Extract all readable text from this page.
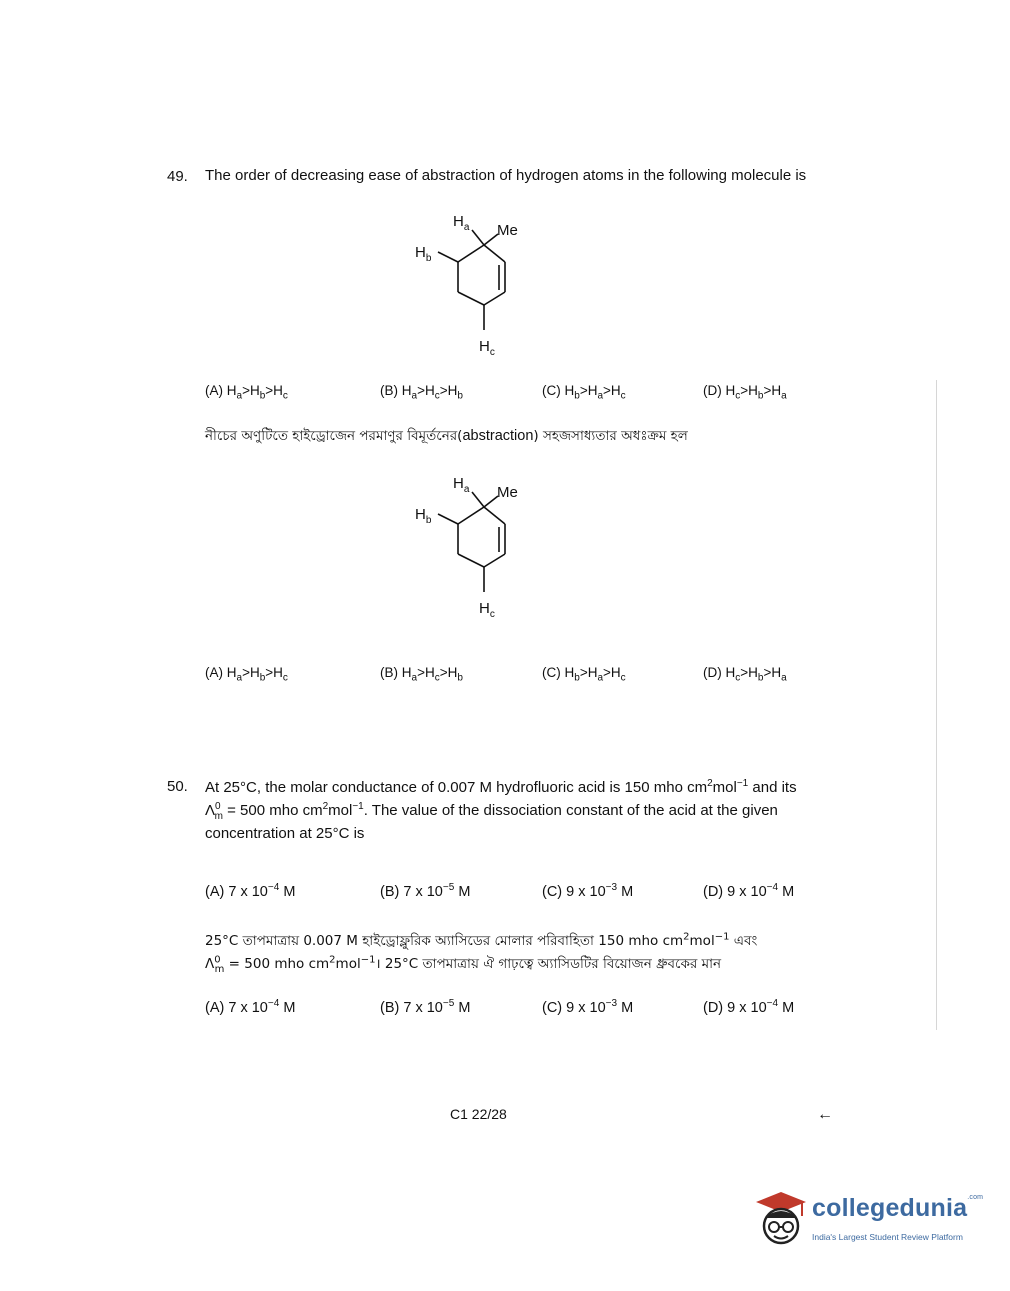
49. The order of decreasing ease of abstraction of hydrogen atoms in the following molecule is
$H_a$ Me
$H_b$
$H_c$
(A) $H_a>H_b>H_c$	(B) $H_a>H_c>H_b$	(C) $H_b>H_a>H_c$	(D) $H_c>H_b>H_a$
নীচের অণুটিতে হাইড্রোজেন পরমাণুর বিমূর্তনের(abstraction) সহজসাধ্যতার অধঃক্রম হল
$H_a$ Me
$H_b$
$H_c$
(A) $H_a>H_b>H_c$	(B) $H_a>H_c>H_b$	(C) $H_b>H_a>H_c$	(D) $H_c>H_b>H_a$
50. At 25°C, the molar conductance of 0.007 M hydrofluoric acid is 150 mho $cm^2mol^{-1}$ and its
$\Lambda^0_m = 500$ mho $cm^2mol^{-1}$. The value of the dissociation constant of the acid at the given
concentration at 25°C is
(A) 7 x $10^{-4}$ M	(B) 7 x $10^{-5}$ M	(C) 9 x $10^{-3}$ M	(D) 9 x $10^{-4}$ M
25°C তাপমাত্রায় 0.007 M হাইড্রোফ্লুরিক অ্যাসিডের মোলার পরিবাহিতা 150 mho $cm^2mol^{-1}$ এবং
$\Lambda^0_m = 500$ mho $cm^2mol^{-1}।$ 25°C তাপমাত্রায় ঐ গাঢ়ত্বে অ্যাসিডটির বিয়োজন ধ্রুবকের মান
(A) 7 x $10^{-4}$ M	(B) 7 x $10^{-5}$ M	(C) 9 x $10^{-3}$ M	(D) 9 x $10^{-4}$ M
C1 22/28	←
collegedunia$^{.com}$
India's Largest Student Review Platform
